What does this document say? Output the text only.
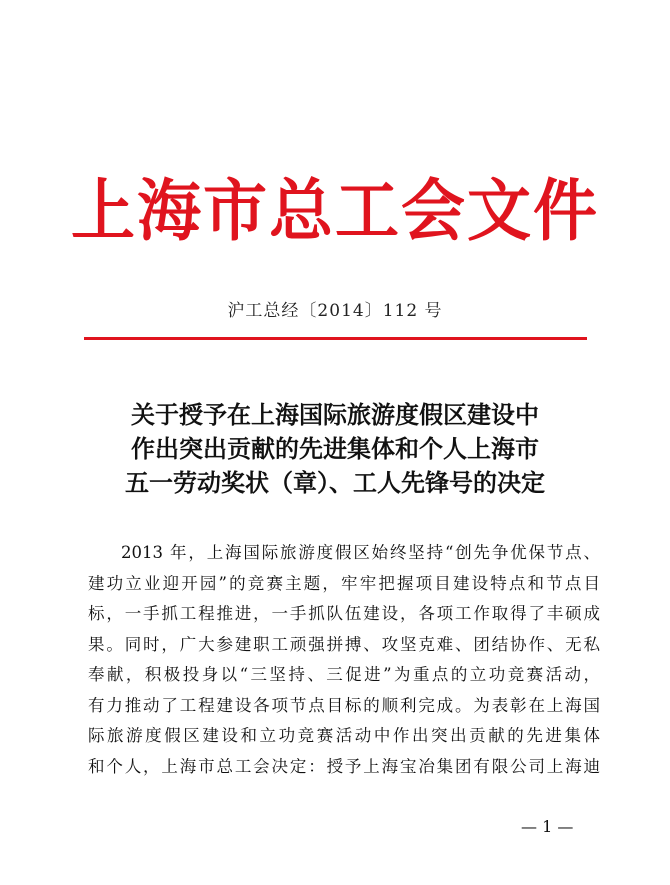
上海市总工会文件
沪工总经〔2014〕112 号
关于授予在上海国际旅游度假区建设中
作出突出贡献的先进集体和个人上海市
五一劳动奖状（章）、工人先锋号的决定
2013 年，上海国际旅游度假区始终坚持“创先争优保节点、
建功立业迎开园”的竞赛主题，牢牢把握项目建设特点和节点目
标，一手抓工程推进，一手抓队伍建设，各项工作取得了丰硕成
果。同时，广大参建职工顽强拼搏、攻坚克难、团结协作、无私
奉献，积极投身以“三坚持、三促进”为重点的立功竞赛活动，
有力推动了工程建设各项节点目标的顺利完成。为表彰在上海国
际旅游度假区建设和立功竞赛活动中作出突出贡献的先进集体
和个人，上海市总工会决定：授予上海宝冶集团有限公司上海迪
— 1 —
